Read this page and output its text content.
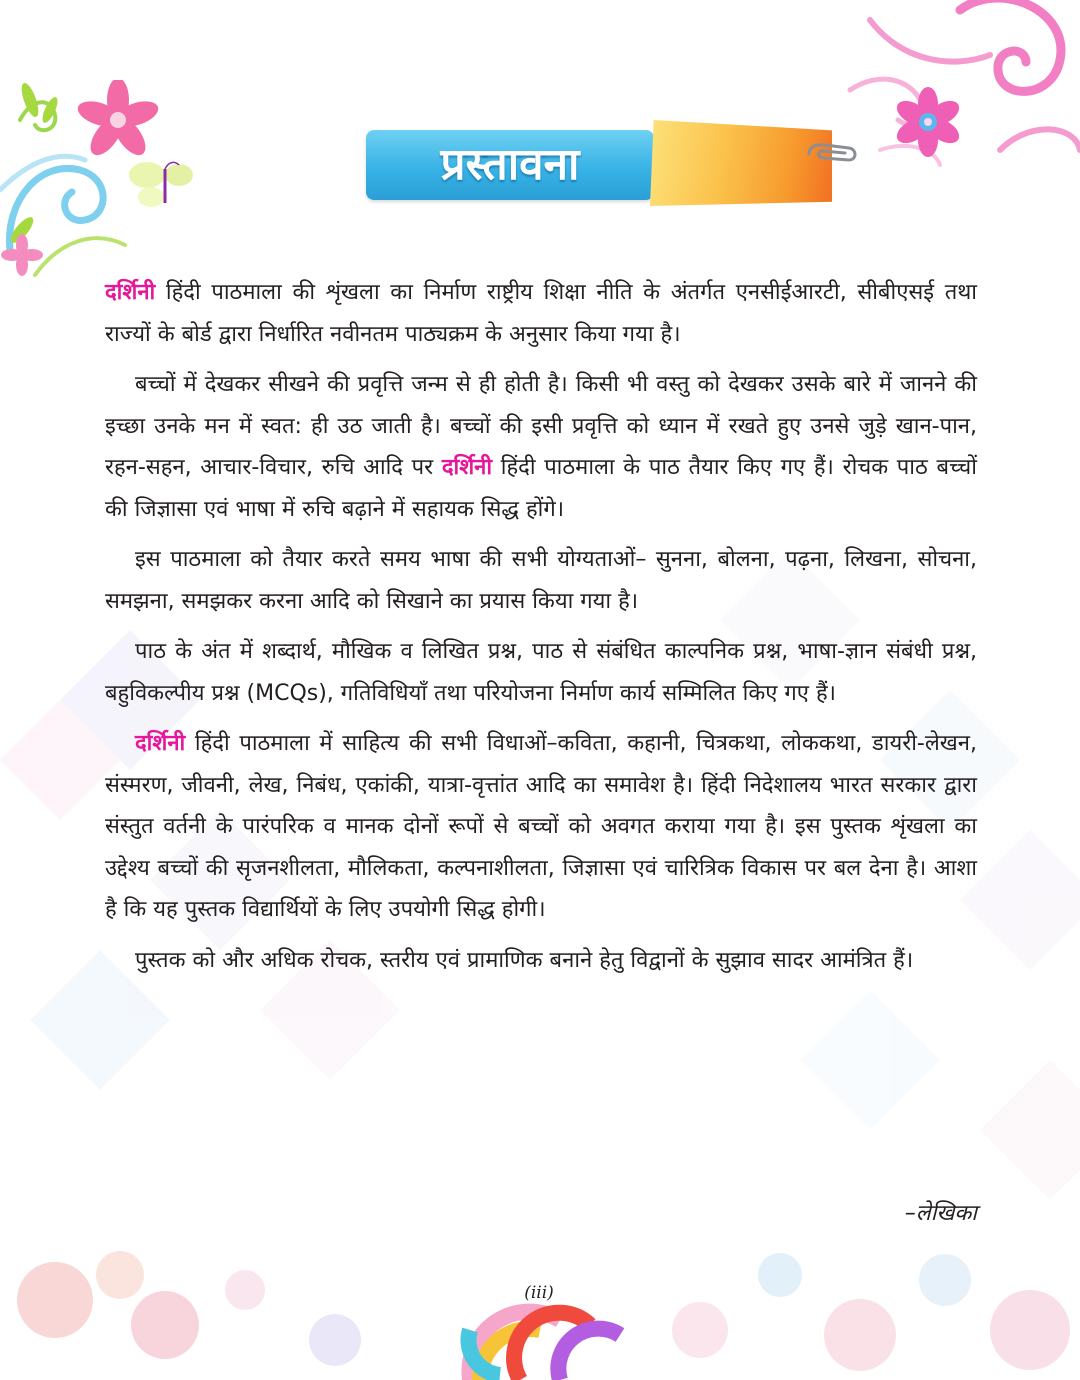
प्रस्तावना

दर्शिनी हिंदी पाठमाला की शृंखला का निर्माण राष्ट्रीय शिक्षा नीति के अंतर्गत एनसीईआरटी, सीबीएसई तथा राज्यों के बोर्ड द्वारा निर्धारित नवीनतम पाठ्यक्रम के अनुसार किया गया है।

बच्चों में देखकर सीखने की प्रवृत्ति जन्म से ही होती है। किसी भी वस्तु को देखकर उसके बारे में जानने की इच्छा उनके मन में स्वत: ही उठ जाती है। बच्चों की इसी प्रवृत्ति को ध्यान में रखते हुए उनसे जुड़े खान-पान, रहन-सहन, आचार-विचार, रुचि आदि पर दर्शिनी हिंदी पाठमाला के पाठ तैयार किए गए हैं। रोचक पाठ बच्चों की जिज्ञासा एवं भाषा में रुचि बढ़ाने में सहायक सिद्ध होंगे।

इस पाठमाला को तैयार करते समय भाषा की सभी योग्यताओं– सुनना, बोलना, पढ़ना, लिखना, सोचना, समझना, समझकर करना आदि को सिखाने का प्रयास किया गया है।

पाठ के अंत में शब्दार्थ, मौखिक व लिखित प्रश्न, पाठ से संबंधित काल्पनिक प्रश्न, भाषा-ज्ञान संबंधी प्रश्न, बहुविकल्पीय प्रश्न (MCQs), गतिविधियाँ तथा परियोजना निर्माण कार्य सम्मिलित किए गए हैं।

दर्शिनी हिंदी पाठमाला में साहित्य की सभी विधाओं–कविता, कहानी, चित्रकथा, लोककथा, डायरी-लेखन, संस्मरण, जीवनी, लेख, निबंध, एकांकी, यात्रा-वृत्तांत आदि का समावेश है। हिंदी निदेशालय भारत सरकार द्वारा संस्तुत वर्तनी के पारंपरिक व मानक दोनों रूपों से बच्चों को अवगत कराया गया है। इस पुस्तक शृंखला का उद्देश्य बच्चों की सृजनशीलता, मौलिकता, कल्पनाशीलता, जिज्ञासा एवं चारित्रिक विकास पर बल देना है। आशा है कि यह पुस्तक विद्यार्थियों के लिए उपयोगी सिद्ध होगी।

पुस्तक को और अधिक रोचक, स्तरीय एवं प्रामाणिक बनाने हेतु विद्वानों के सुझाव सादर आमंत्रित हैं।

–लेखिका
(iii)
